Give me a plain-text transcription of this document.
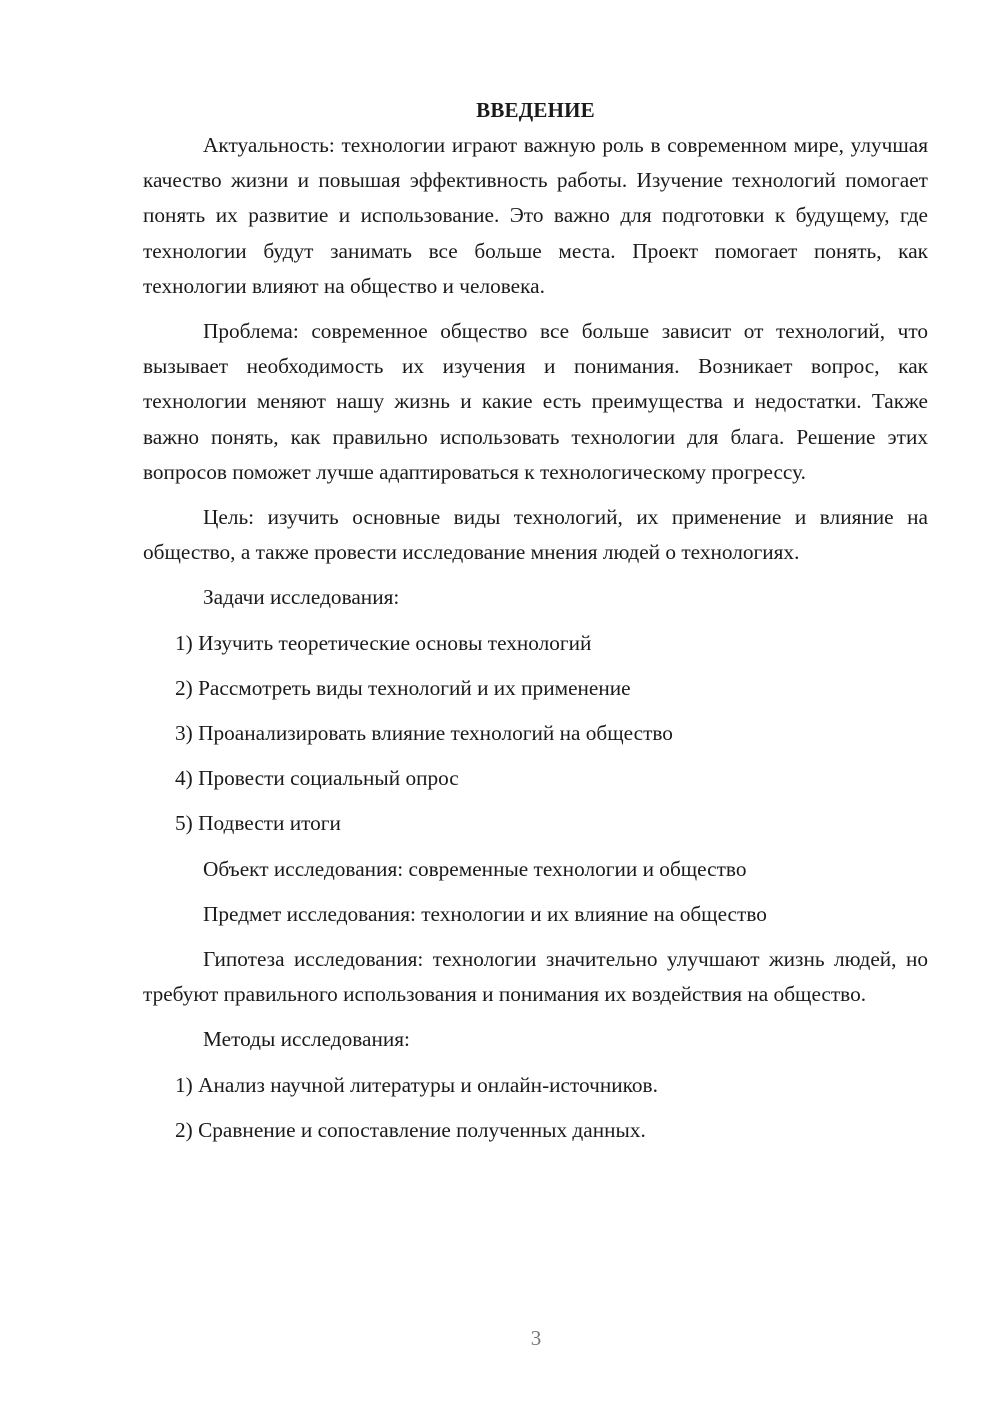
ВВЕДЕНИЕ

Актуальность: технологии играют важную роль в современном мире, улучшая качество жизни и повышая эффективность работы. Изучение технологий помогает понять их развитие и использование. Это важно для подготовки к будущему, где технологии будут занимать все больше места. Проект помогает понять, как технологии влияют на общество и человека.

Проблема: современное общество все больше зависит от технологий, что вызывает необходимость их изучения и понимания. Возникает вопрос, как технологии меняют нашу жизнь и какие есть преимущества и недостатки. Также важно понять, как правильно использовать технологии для блага. Решение этих вопросов поможет лучше адаптироваться к технологическому прогрессу.

Цель: изучить основные виды технологий, их применение и влияние на общество, а также провести исследование мнения людей о технологиях.

Задачи исследования:

1) Изучить теоретические основы технологий

2) Рассмотреть виды технологий и их применение

3) Проанализировать влияние технологий на общество

4) Провести социальный опрос

5) Подвести итоги

Объект исследования: современные технологии и общество

Предмет исследования: технологии и их влияние на общество

Гипотеза исследования: технологии значительно улучшают жизнь людей, но требуют правильного использования и понимания их воздействия на общество.

Методы исследования:

1) Анализ научной литературы и онлайн-источников.

2) Сравнение и сопоставление полученных данных.

3
